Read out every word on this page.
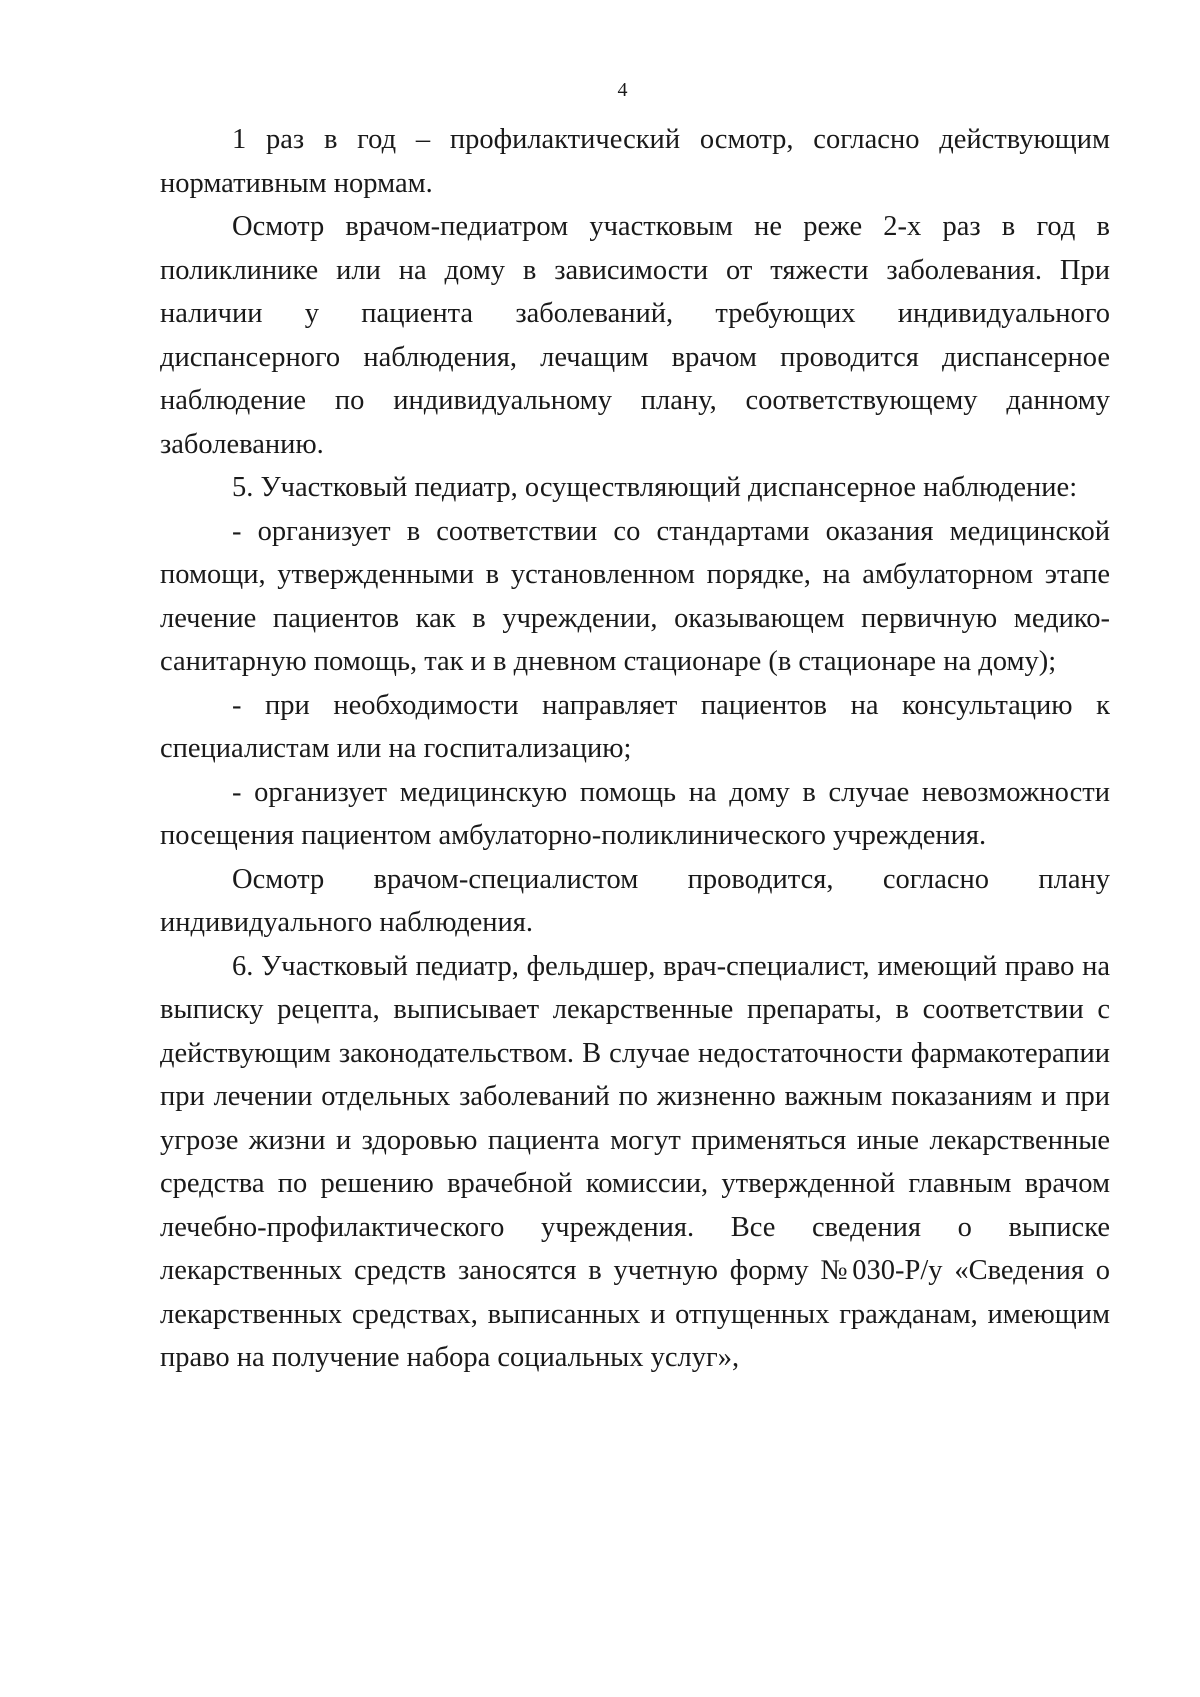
4

1 раз в год – профилактический осмотр, согласно действующим нормативным нормам.

Осмотр врачом-педиатром участковым не реже 2-х раз в год в поликлинике или на дому в зависимости от тяжести заболевания. При наличии у пациента заболеваний, требующих индивидуального диспансерного наблюдения, лечащим врачом проводится диспансерное наблюдение по индивидуальному плану, соответствующему данному заболеванию.

5. Участковый педиатр, осуществляющий диспансерное наблюдение:

- организует в соответствии со стандартами оказания медицинской помощи, утвержденными в установленном порядке, на амбулаторном этапе лечение пациентов как в учреждении, оказывающем первичную медико-санитарную помощь, так и в дневном стационаре (в стационаре на дому);

- при необходимости направляет пациентов на консультацию к специалистам или на госпитализацию;

- организует медицинскую помощь на дому в случае невозможности посещения пациентом амбулаторно-поликлинического учреждения.

Осмотр врачом-специалистом проводится, согласно плану индивидуального наблюдения.

6. Участковый педиатр, фельдшер, врач-специалист, имеющий право на выписку рецепта, выписывает лекарственные препараты, в соответствии с действующим законодательством. В случае недостаточности фармакотерапии при лечении отдельных заболеваний по жизненно важным показаниям и при угрозе жизни и здоровью пациента могут применяться иные лекарственные средства по решению врачебной комиссии, утвержденной главным врачом лечебно-профилактического учреждения. Все сведения о выписке лекарственных средств заносятся в учетную форму №030-Р/у «Сведения о лекарственных средствах, выписанных и отпущенных гражданам, имеющим право на получение набора социальных услуг»,
